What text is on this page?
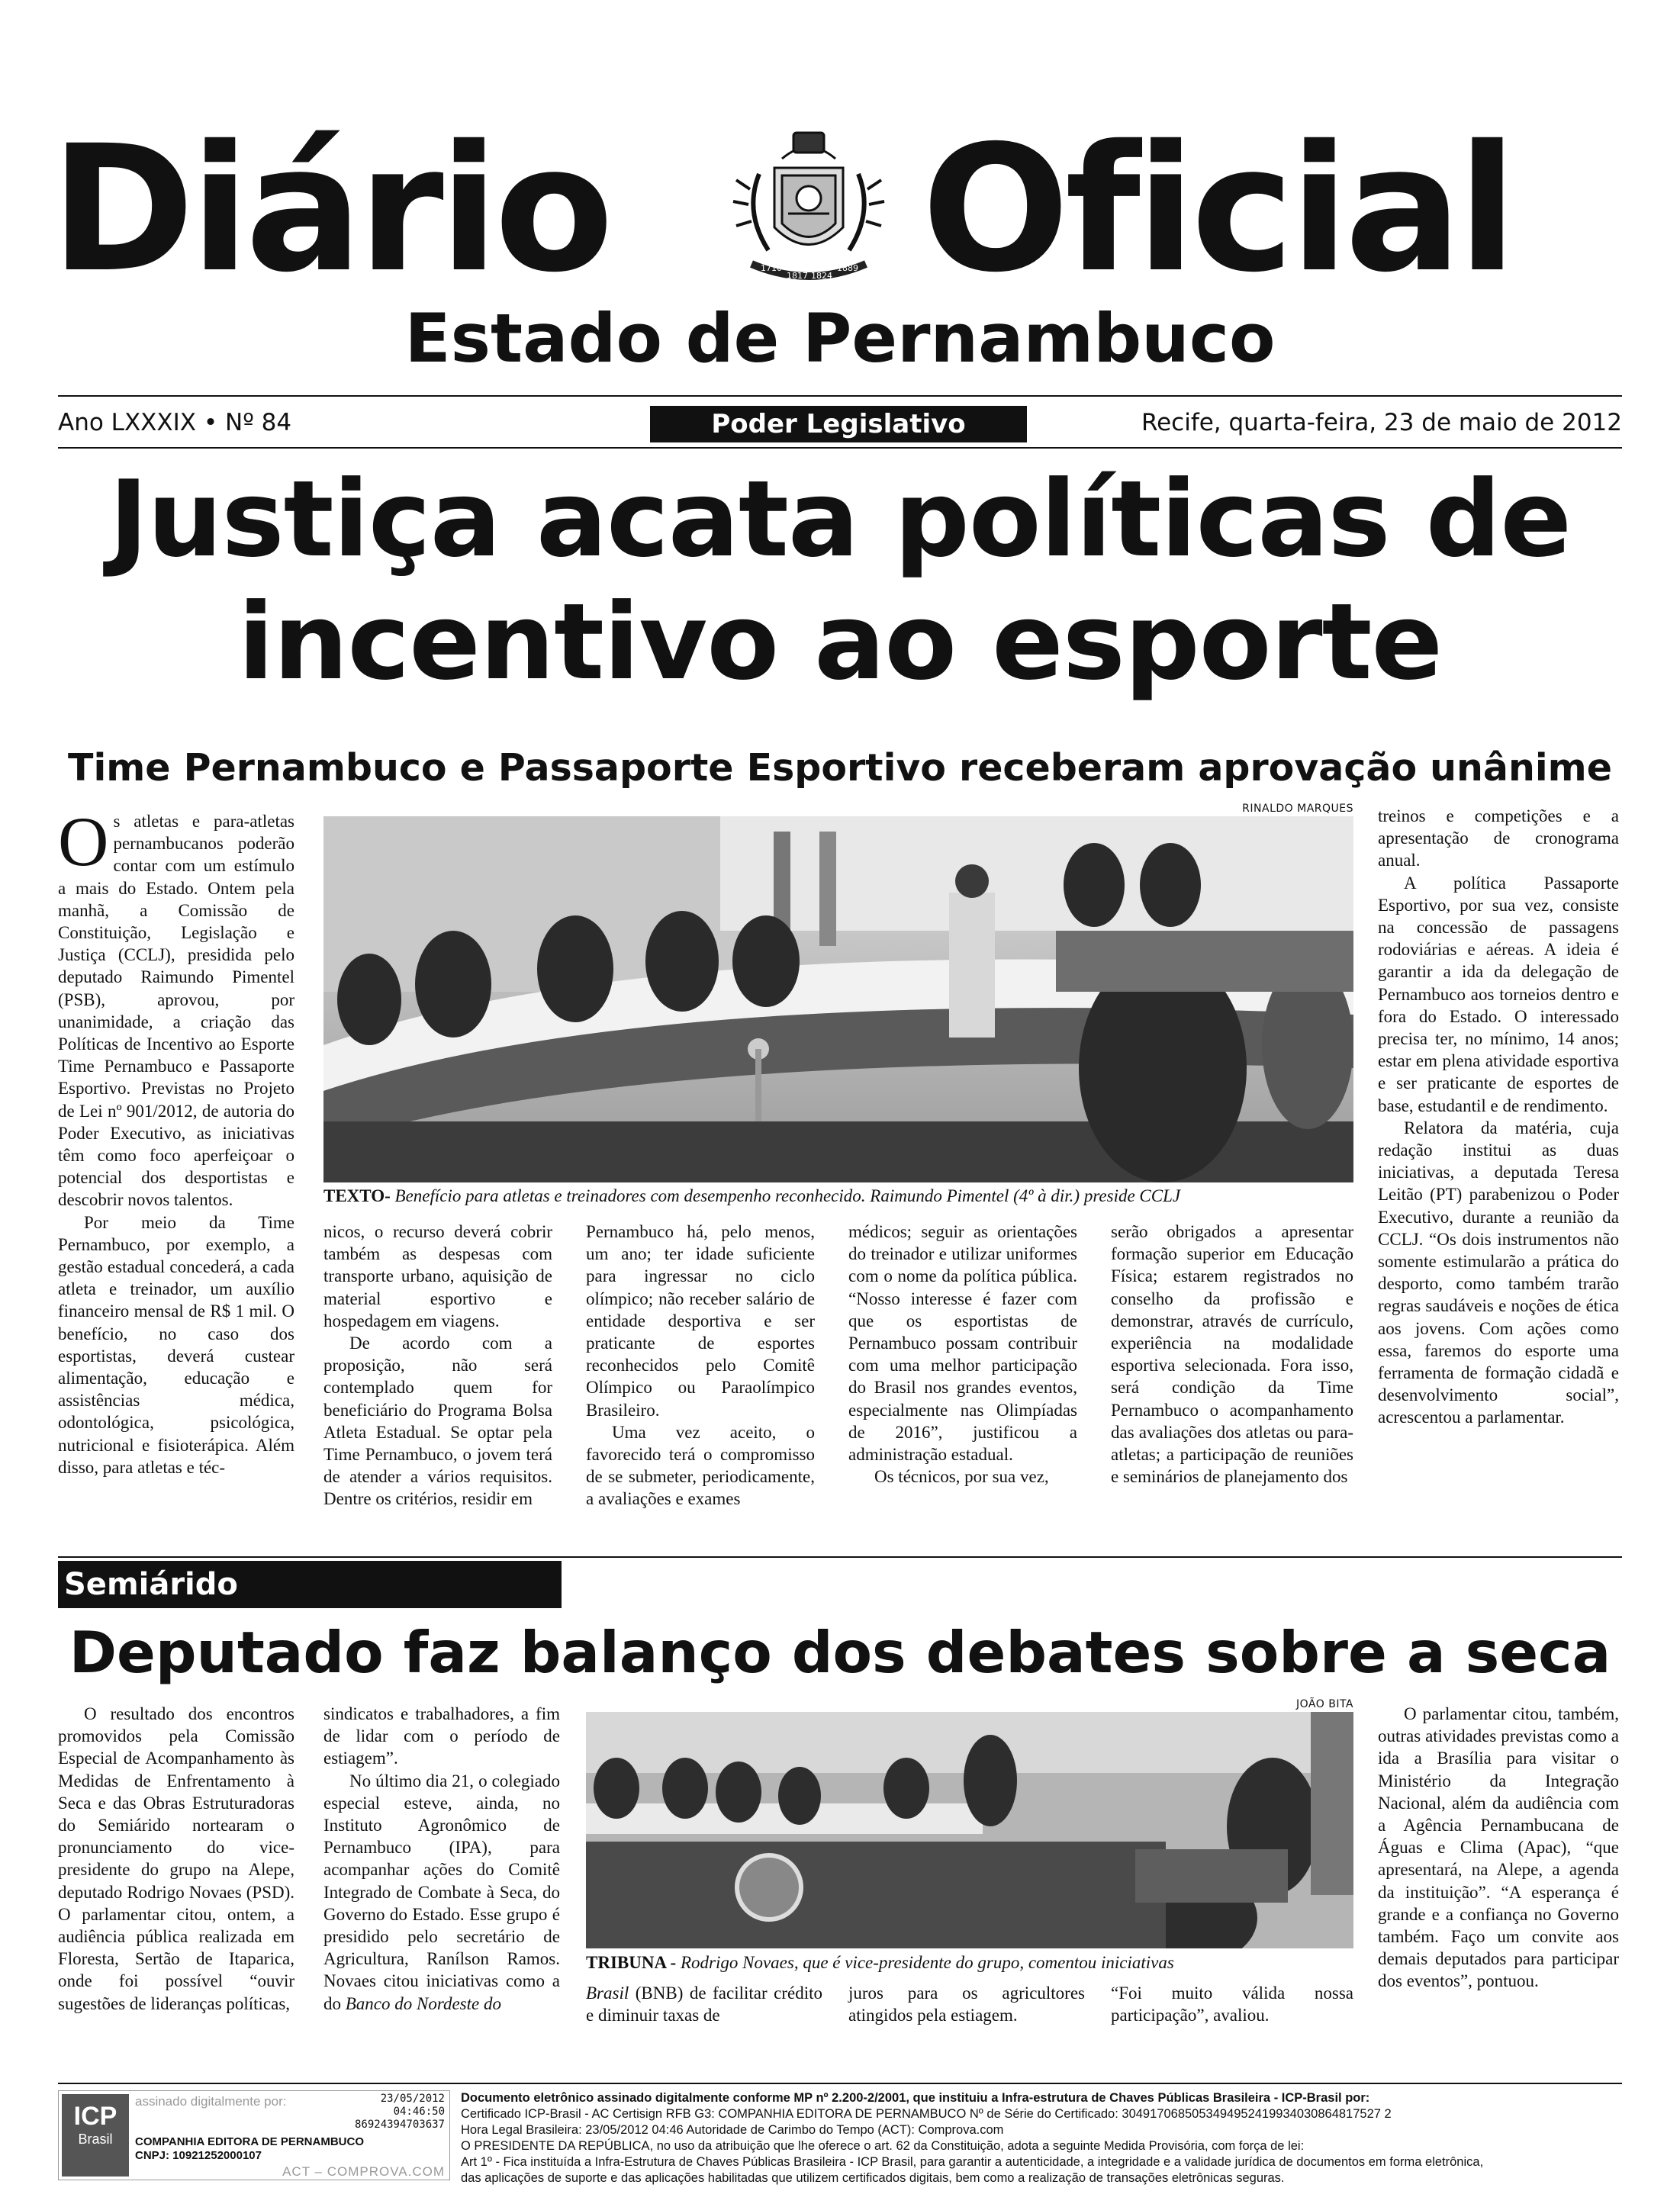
Diário Oficial
1710
1817 1824
1889
Estado de Pernambuco
Ano LXXXIX • Nº 84	Poder Legislativo	Recife, quarta-feira, 23 de maio de 2012
Justiça acata políticas de
incentivo ao esporte
Time Pernambuco e Passaporte Esportivo receberam aprovação unânime

Os atletas e para-atletas pernambucanos poderão contar com um estímulo a mais do Estado. Ontem pela manhã, a Comissão de Constituição, Legislação e Justiça (CCLJ), presidida pelo deputado Raimundo Pimentel (PSB), aprovou, por unanimidade, a criação das Políticas de Incentivo ao Esporte Time Pernambuco e Passaporte Esportivo. Previstas no Projeto de Lei nº 901/2012, de autoria do Poder Executivo, as iniciativas têm como foco aperfeiçoar o potencial dos desportistas e descobrir novos talentos.

Por meio da Time Pernambuco, por exemplo, a gestão estadual concederá, a cada atleta e treinador, um auxílio financeiro mensal de R$ 1 mil. O benefício, no caso dos esportistas, deverá custear alimentação, educação e assistências médica, odontológica, psicológica, nutricional e fisioterápica. Além disso, para atletas e téc-

RINALDO MARQUES
TEXTO- Benefício para atletas e treinadores com desempenho reconhecido. Raimundo Pimentel (4º à dir.) preside CCLJ

nicos, o recurso deverá cobrir também as despesas com transporte urbano, aquisição de material esportivo e hospedagem em viagens.

De acordo com a proposição, não será contemplado quem for beneficiário do Programa Bolsa Atleta Estadual. Se optar pela Time Pernambuco, o jovem terá de atender a vários requisitos. Dentre os critérios, residir em

Pernambuco há, pelo menos, um ano; ter idade suficiente para ingressar no ciclo olímpico; não receber salário de entidade desportiva e ser praticante de esportes reconhecidos pelo Comitê Olímpico ou Paraolímpico Brasileiro.

Uma vez aceito, o favorecido terá o compromisso de se submeter, periodicamente, a avaliações e exames

médicos; seguir as orientações do treinador e utilizar uniformes com o nome da política pública. “Nosso interesse é fazer com que os esportistas de Pernambuco possam contribuir com uma melhor participação do Brasil nos grandes eventos, especialmente nas Olimpíadas de 2016”, justificou a administração estadual.

Os técnicos, por sua vez,

serão obrigados a apresentar formação superior em Educação Física; estarem registrados no conselho da profissão e demonstrar, através de currículo, experiência na modalidade esportiva selecionada. Fora isso, será condição da Time Pernambuco o acompanhamento das avaliações dos atletas ou para-atletas; a participação de reuniões e seminários de planejamento dos

treinos e competições e a apresentação de cronograma anual.

A política Passaporte Esportivo, por sua vez, consiste na concessão de passagens rodoviárias e aéreas. A ideia é garantir a ida da delegação de Pernambuco aos torneios dentro e fora do Estado. O interessado precisa ter, no mínimo, 14 anos; estar em plena atividade esportiva e ser praticante de esportes de base, estudantil e de rendimento.

Relatora da matéria, cuja redação institui as duas iniciativas, a deputada Teresa Leitão (PT) parabenizou o Poder Executivo, durante a reunião da CCLJ. “Os dois instrumentos não somente estimularão a prática do desporto, como também trarão regras saudáveis e noções de ética aos jovens. Com ações como essa, faremos do esporte uma ferramenta de formação cidadã e desenvolvimento social”, acrescentou a parlamentar.

Semiárido
Deputado faz balanço dos debates sobre a seca

O resultado dos encontros promovidos pela Comissão Especial de Acompanhamento às Medidas de Enfrentamento à Seca e das Obras Estruturadoras do Semiárido nortearam o pronunciamento do vice-presidente do grupo na Alepe, deputado Rodrigo Novaes (PSD). O parlamentar citou, ontem, a audiência pública realizada em Floresta, Sertão de Itaparica, onde foi possível “ouvir sugestões de lideranças políticas,

sindicatos e trabalhadores, a fim de lidar com o período de estiagem”.

No último dia 21, o colegiado especial esteve, ainda, no Instituto Agronômico de Pernambuco (IPA), para acompanhar ações do Comitê Integrado de Combate à Seca, do Governo do Estado. Esse grupo é presidido pelo secretário de Agricultura, Ranílson Ramos. Novaes citou iniciativas como a do Banco do Nordeste do

JOÃO BITA
TRIBUNA - Rodrigo Novaes, que é vice-presidente do grupo, comentou iniciativas

Brasil (BNB) de facilitar crédito e diminuir taxas de

juros para os agricultores atingidos pela estiagem.

“Foi muito válida nossa participação”, avaliou.

O parlamentar citou, também, outras atividades previstas como a ida a Brasília para visitar o Ministério da Integração Nacional, além da audiência com a Agência Pernambucana de Águas e Clima (Apac), “que apresentará, na Alepe, a agenda da instituição”. “A esperança é grande e a confiança no Governo também. Faço um convite aos demais deputados para participar dos eventos”, pontuou.

ICP
Brasil
assinado digitalmente por:	23/05/2012
04:46:50
86924394703637
COMPANHIA EDITORA DE PERNAMBUCO
CNPJ: 10921252000107
ACT – COMPROVA.COM
Documento eletrônico assinado digitalmente conforme MP nº 2.200-2/2001, que instituiu a Infra-estrutura de Chaves Públicas Brasileira - ICP-Brasil por:
Certificado ICP-Brasil - AC Certisign RFB G3: COMPANHIA EDITORA DE PERNAMBUCO Nº de Série do Certificado: 3049170685053494952419934030864817527 2
Hora Legal Brasileira: 23/05/2012 04:46 Autoridade de Carimbo do Tempo (ACT): Comprova.com
O PRESIDENTE DA REPÚBLICA, no uso da atribuição que lhe oferece o art. 62 da Constituição, adota a seguinte Medida Provisória, com força de lei:
Art 1º - Fica instituída a Infra-Estrutura de Chaves Públicas Brasileira - ICP Brasil, para garantir a autenticidade, a integridade e a validade jurídica de documentos em forma eletrônica,
das aplicações de suporte e das aplicações habilitadas que utilizem certificados digitais, bem como a realização de transações eletrônicas seguras.
